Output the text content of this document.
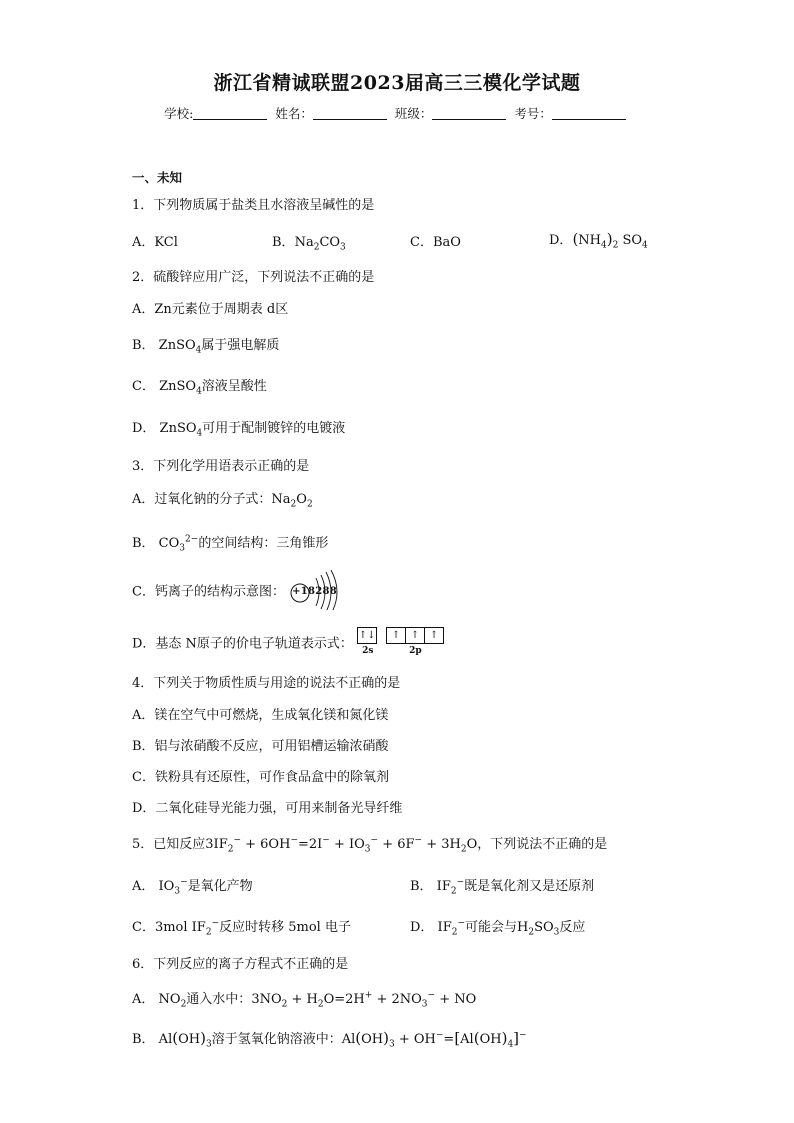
浙江省精诚联盟2023届高三三模化学试题
学校:	姓名：	班级：	考号：
一、未知
1．下列物质属于盐类且水溶液呈碱性的是
A．KCl	B．$Na_2CO_3$	C．BaO	D．$(NH_4)_2$ $SO_4$
2．硫酸锌应用广泛，下列说法不正确的是
A．Zn元素位于周期表 d区
B． ZnSO$_4$属于强电解质
C． ZnSO$_4$溶液呈酸性
D． ZnSO$_4$可用于配制镀锌的电镀液
3．下列化学用语表示正确的是
A．过氧化钠的分子式：$Na_2O_2$
B． $CO_3^{2-}$的空间结构：三角锥形
C．钙离子的结构示意图： +18288
D．基态 N原子的价电子轨道表示式：
↑↓	↑	↑	↑
2s	2p
4．下列关于物质性质与用途的说法不正确的是
A．镁在空气中可燃烧，生成氧化镁和氮化镁
B．铝与浓硝酸不反应，可用铝槽运输浓硝酸
C．铁粉具有还原性，可作食品盒中的除氧剂
D．二氧化硅导光能力强，可用来制备光导纤维
5．已知反应$3IF_2^- + 6OH^-=2I^- + IO_3^- + 6F^- + 3H_2O$，下列说法不正确的是
A． $IO_3^-$是氧化产物	B． $IF_2^-$既是氧化剂又是还原剂
C．3mol $IF_2^-$反应时转移 5mol 电子	D． $IF_2^-$可能会与$H_2SO_3$反应
6．下列反应的离子方程式不正确的是
A． $NO_2$通入水中：$3NO_2 + H_2O=2H^+ + 2NO_3^-$ + NO
B． $Al(OH)_3$溶于氢氧化钠溶液中：$Al(OH)_3 + OH^-=[Al(OH)_4]^-$
